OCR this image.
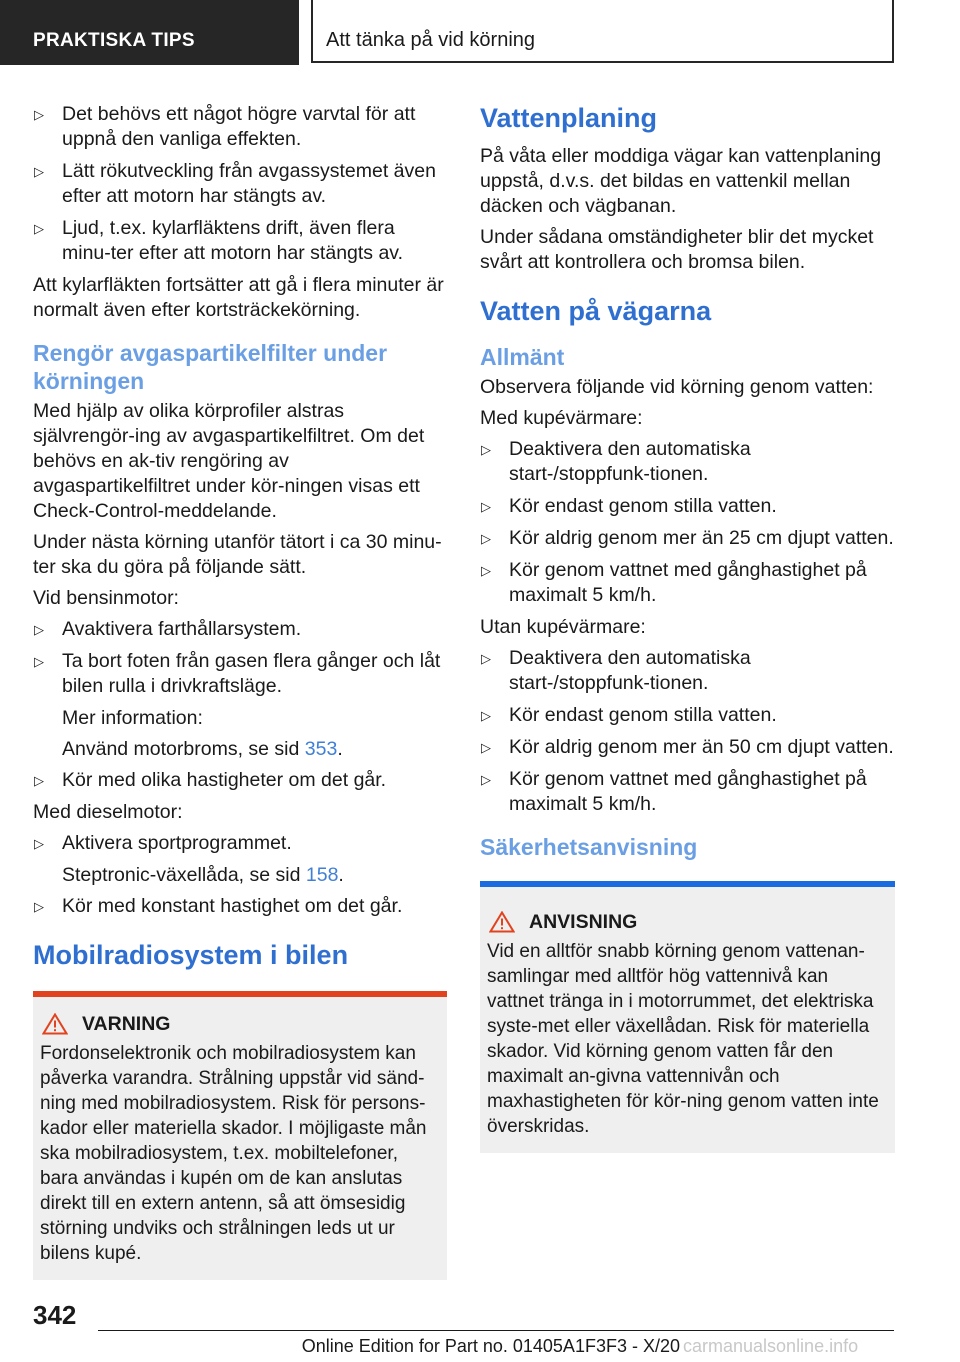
PRAKTISKA TIPS	Att tänka på vid körning
▷ Det behövs ett något högre varvtal för att uppnå den vanliga effekten.
▷ Lätt rökutveckling från avgassystemet även efter att motorn har stängts av.
▷ Ljud, t.ex. kylarfläktens drift, även flera minu‐ter efter att motorn har stängts av.

Att kylarfläkten fortsätter att gå i flera minuter är normalt även efter kortsträckekörning.

Rengör avgaspartikelfilter under körningen

Med hjälp av olika körprofiler alstras självrengör‐ing av avgaspartikelfiltret. Om det behövs en ak‐tiv rengöring av avgaspartikelfiltret under kör‐ningen visas ett Check-Control-meddelande.

Under nästa körning utanför tätort i ca 30 minu‐ter ska du göra på följande sätt.

Vid bensinmotor:

▷ Avaktivera farthållarsystem.
▷ Ta bort foten från gasen flera gånger och låt bilen rulla i drivkraftsläge.

Mer information:

Använd motorbroms, se sid 353.

▷ Kör med olika hastigheter om det går.

Med dieselmotor:

▷ Aktivera sportprogrammet.

Steptronic-växellåda, se sid 158.

▷ Kör med konstant hastighet om det går.
Mobilradiosystem i bilen
VARNING

Fordonselektronik och mobilradiosystem kan påverka varandra. Strålning uppstår vid sänd‐ning med mobilradiosystem. Risk för persons‐kador eller materiella skador. I möjligaste mån ska mobilradiosystem, t.ex. mobiltelefoner, bara användas i kupén om de kan anslutas direkt till en extern antenn, så att ömsesidig störning undviks och strålningen leds ut ur bilens kupé.

Vattenplaning

På våta eller moddiga vägar kan vattenplaning uppstå, d.v.s. det bildas en vattenkil mellan däcken och vägbanan.

Under sådana omständigheter blir det mycket svårt att kontrollera och bromsa bilen.

Vatten på vägarna
Allmänt

Observera följande vid körning genom vatten:

Med kupévärmare:

▷ Deaktivera den automatiska start-/stoppfunk‐tionen.
▷ Kör endast genom stilla vatten.
▷ Kör aldrig genom mer än 25 cm djupt vatten.
▷ Kör genom vattnet med gånghastighet på maximalt 5 km/h.

Utan kupévärmare:

▷ Deaktivera den automatiska start-/stoppfunk‐tionen.
▷ Kör endast genom stilla vatten.
▷ Kör aldrig genom mer än 50 cm djupt vatten.
▷ Kör genom vattnet med gånghastighet på maximalt 5 km/h.
Säkerhetsanvisning
ANVISNING

Vid en alltför snabb körning genom vattenan‐samlingar med alltför hög vattennivå kan vattnet tränga in i motorrummet, det elektriska syste‐met eller växellådan. Risk för materiella skador. Vid körning genom vatten får den maximalt an‐givna vattennivån och maxhastigheten för kör‐ning genom vatten inte överskridas.

342
Online Edition for Part no. 01405A1F3F3 - X/20 carmanualsonline.info
